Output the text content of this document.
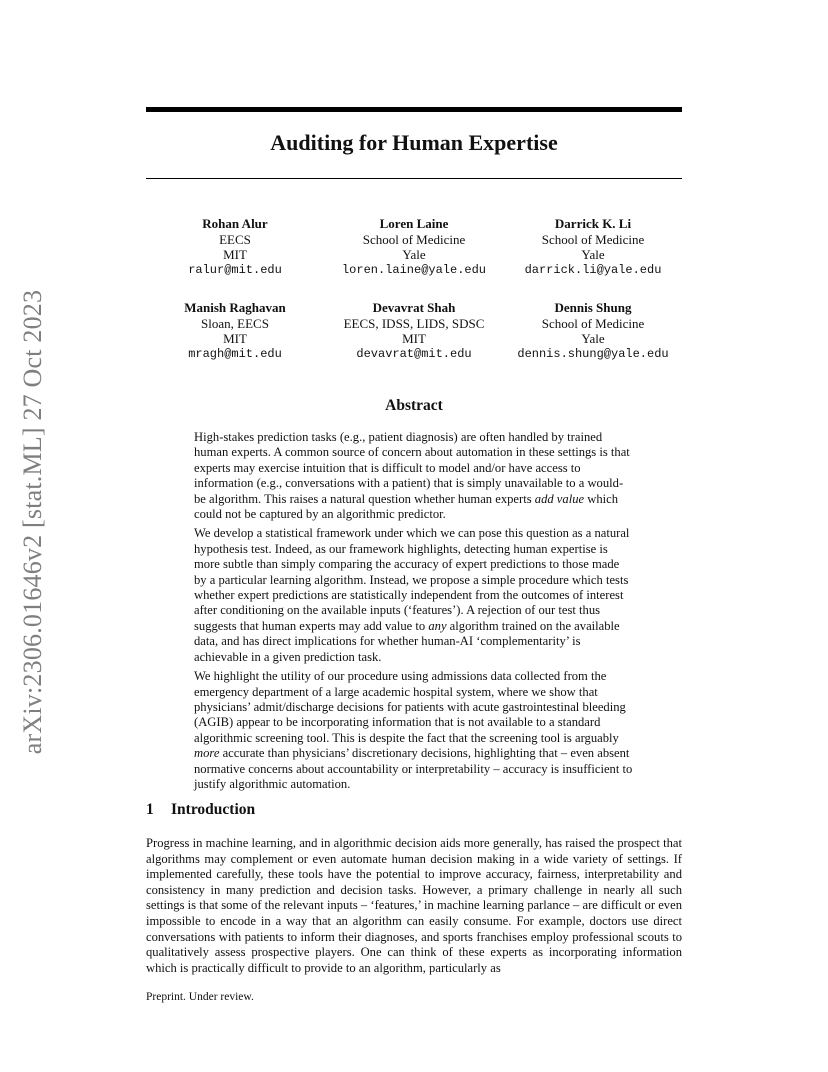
arXiv:2306.01646v2 [stat.ML] 27 Oct 2023
Auditing for Human Expertise
Rohan Alur
EECS
MIT
ralur@mit.edu
Loren Laine
School of Medicine
Yale
loren.laine@yale.edu
Darrick K. Li
School of Medicine
Yale
darrick.li@yale.edu
Manish Raghavan
Sloan, EECS
MIT
mragh@mit.edu
Devavrat Shah
EECS, IDSS, LIDS, SDSC
MIT
devavrat@mit.edu
Dennis Shung
School of Medicine
Yale
dennis.shung@yale.edu
Abstract

High-stakes prediction tasks (e.g., patient diagnosis) are often handled by trained human experts. A common source of concern about automation in these settings is that experts may exercise intuition that is difficult to model and/or have access to information (e.g., conversations with a patient) that is simply unavailable to a would-be algorithm. This raises a natural question whether human experts add value which could not be captured by an algorithmic predictor.

We develop a statistical framework under which we can pose this question as a natural hypothesis test. Indeed, as our framework highlights, detecting human expertise is more subtle than simply comparing the accuracy of expert predictions to those made by a particular learning algorithm. Instead, we propose a simple procedure which tests whether expert predictions are statistically independent from the outcomes of interest after conditioning on the available inputs (‘features’). A rejection of our test thus suggests that human experts may add value to any algorithm trained on the available data, and has direct implications for whether human-AI ‘complementarity’ is achievable in a given prediction task.

We highlight the utility of our procedure using admissions data collected from the emergency department of a large academic hospital system, where we show that physicians’ admit/discharge decisions for patients with acute gastrointestinal bleeding (AGIB) appear to be incorporating information that is not available to a standard algorithmic screening tool. This is despite the fact that the screening tool is arguably more accurate than physicians’ discretionary decisions, highlighting that – even absent normative concerns about accountability or interpretability – accuracy is insufficient to justify algorithmic automation.

1 Introduction

Progress in machine learning, and in algorithmic decision aids more generally, has raised the prospect that algorithms may complement or even automate human decision making in a wide variety of settings. If implemented carefully, these tools have the potential to improve accuracy, fairness, interpretability and consistency in many prediction and decision tasks. However, a primary challenge in nearly all such settings is that some of the relevant inputs – ‘features,’ in machine learning parlance – are difficult or even impossible to encode in a way that an algorithm can easily consume. For example, doctors use direct conversations with patients to inform their diagnoses, and sports franchises employ professional scouts to qualitatively assess prospective players. One can think of these experts as incorporating information which is practically difficult to provide to an algorithm, particularly as

Preprint. Under review.
